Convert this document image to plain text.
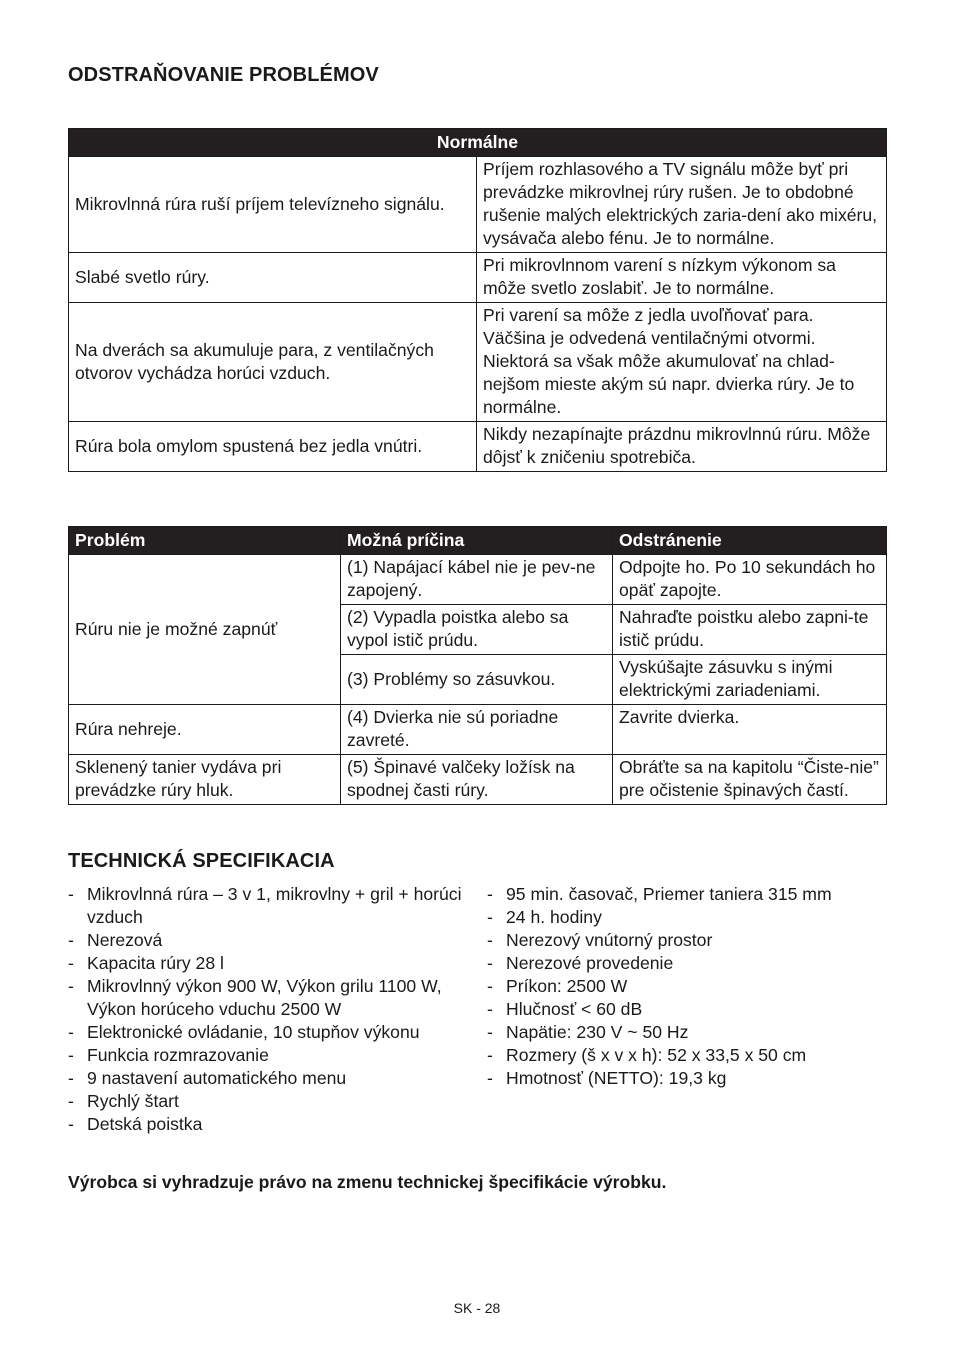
ODSTRAŇOVANIE PROBLÉMOV
Normálne	
Mikrovlnná rúra ruší príjem televízneho signálu.	Príjem rozhlasového a TV signálu môže byť pri prevádzke mikrovlnej rúry rušen. Je to obdobné rušenie malých elektrických zaria-dení ako mixéru, vysávača alebo fénu. Je to normálne.
Slabé svetlo rúry.	Pri mikrovlnnom varení s nízkym výkonom sa môže svetlo zoslabiť. Je to normálne.
Na dverách sa akumuluje para, z ventilačných otvorov vychádza horúci vzduch.	Pri varení sa môže z jedla uvoľňovať para. Väčšina je odvedená ventilačnými otvormi. Niektorá sa však môže akumulovať na chlad-nejšom mieste akým sú napr. dvierka rúry. Je to normálne.
Rúra bola omylom spustená bez jedla vnútri.	Nikdy nezapínajte prázdnu mikrovlnnú rúru. Môže dôjsť k zničeniu spotrebiča.
Problém	Možná príčina	Odstránenie
Rúru nie je možné zapnúť	(1) Napájací kábel nie je pev-ne zapojený.	Odpojte ho. Po 10 sekundách ho opäť zapojte.
	(2) Vypadla poistka alebo sa vypol istič prúdu.	Nahraďte poistku alebo zapni-te istič prúdu.
	(3) Problémy so zásuvkou.	Vyskúšajte zásuvku s inými elektrickými zariadeniami.
Rúra nehreje.	(4) Dvierka nie sú poriadne zavreté.	Zavrite dvierka.
Sklenený tanier vydáva pri prevádzke rúry hluk.	(5) Špinavé valčeky ložísk na spodnej časti rúry.	Obráťte sa na kapitolu “Čiste-nie” pre očistenie špinavých častí.
TECHNICKÁ SPECIFIKACIA
- Mikrovlnná rúra – 3 v 1, mikrovlny + gril + horúci vzduch
- Nerezová
- Kapacita rúry 28 l
- Mikrovlnný výkon 900 W, Výkon grilu 1100 W, Výkon horúceho vduchu 2500 W
- Elektronické ovládanie, 10 stupňov výkonu
- Funkcia rozmrazovanie
- 9 nastavení automatického menu
- Rychlý štart
- Detská poistka
- 95 min. časovač, Priemer taniera 315 mm
- 24 h. hodiny
- Nerezový vnútorný prostor
- Nerezové provedenie
- Príkon: 2500 W
- Hlučnosť < 60 dB
- Napätie: 230 V ~ 50 Hz
- Rozmery (š x v x h): 52 x 33,5 x 50 cm
- Hmotnosť (NETTO): 19,3 kg

Výrobca si vyhradzuje právo na zmenu technickej špecifikácie výrobku.

SK - 28
